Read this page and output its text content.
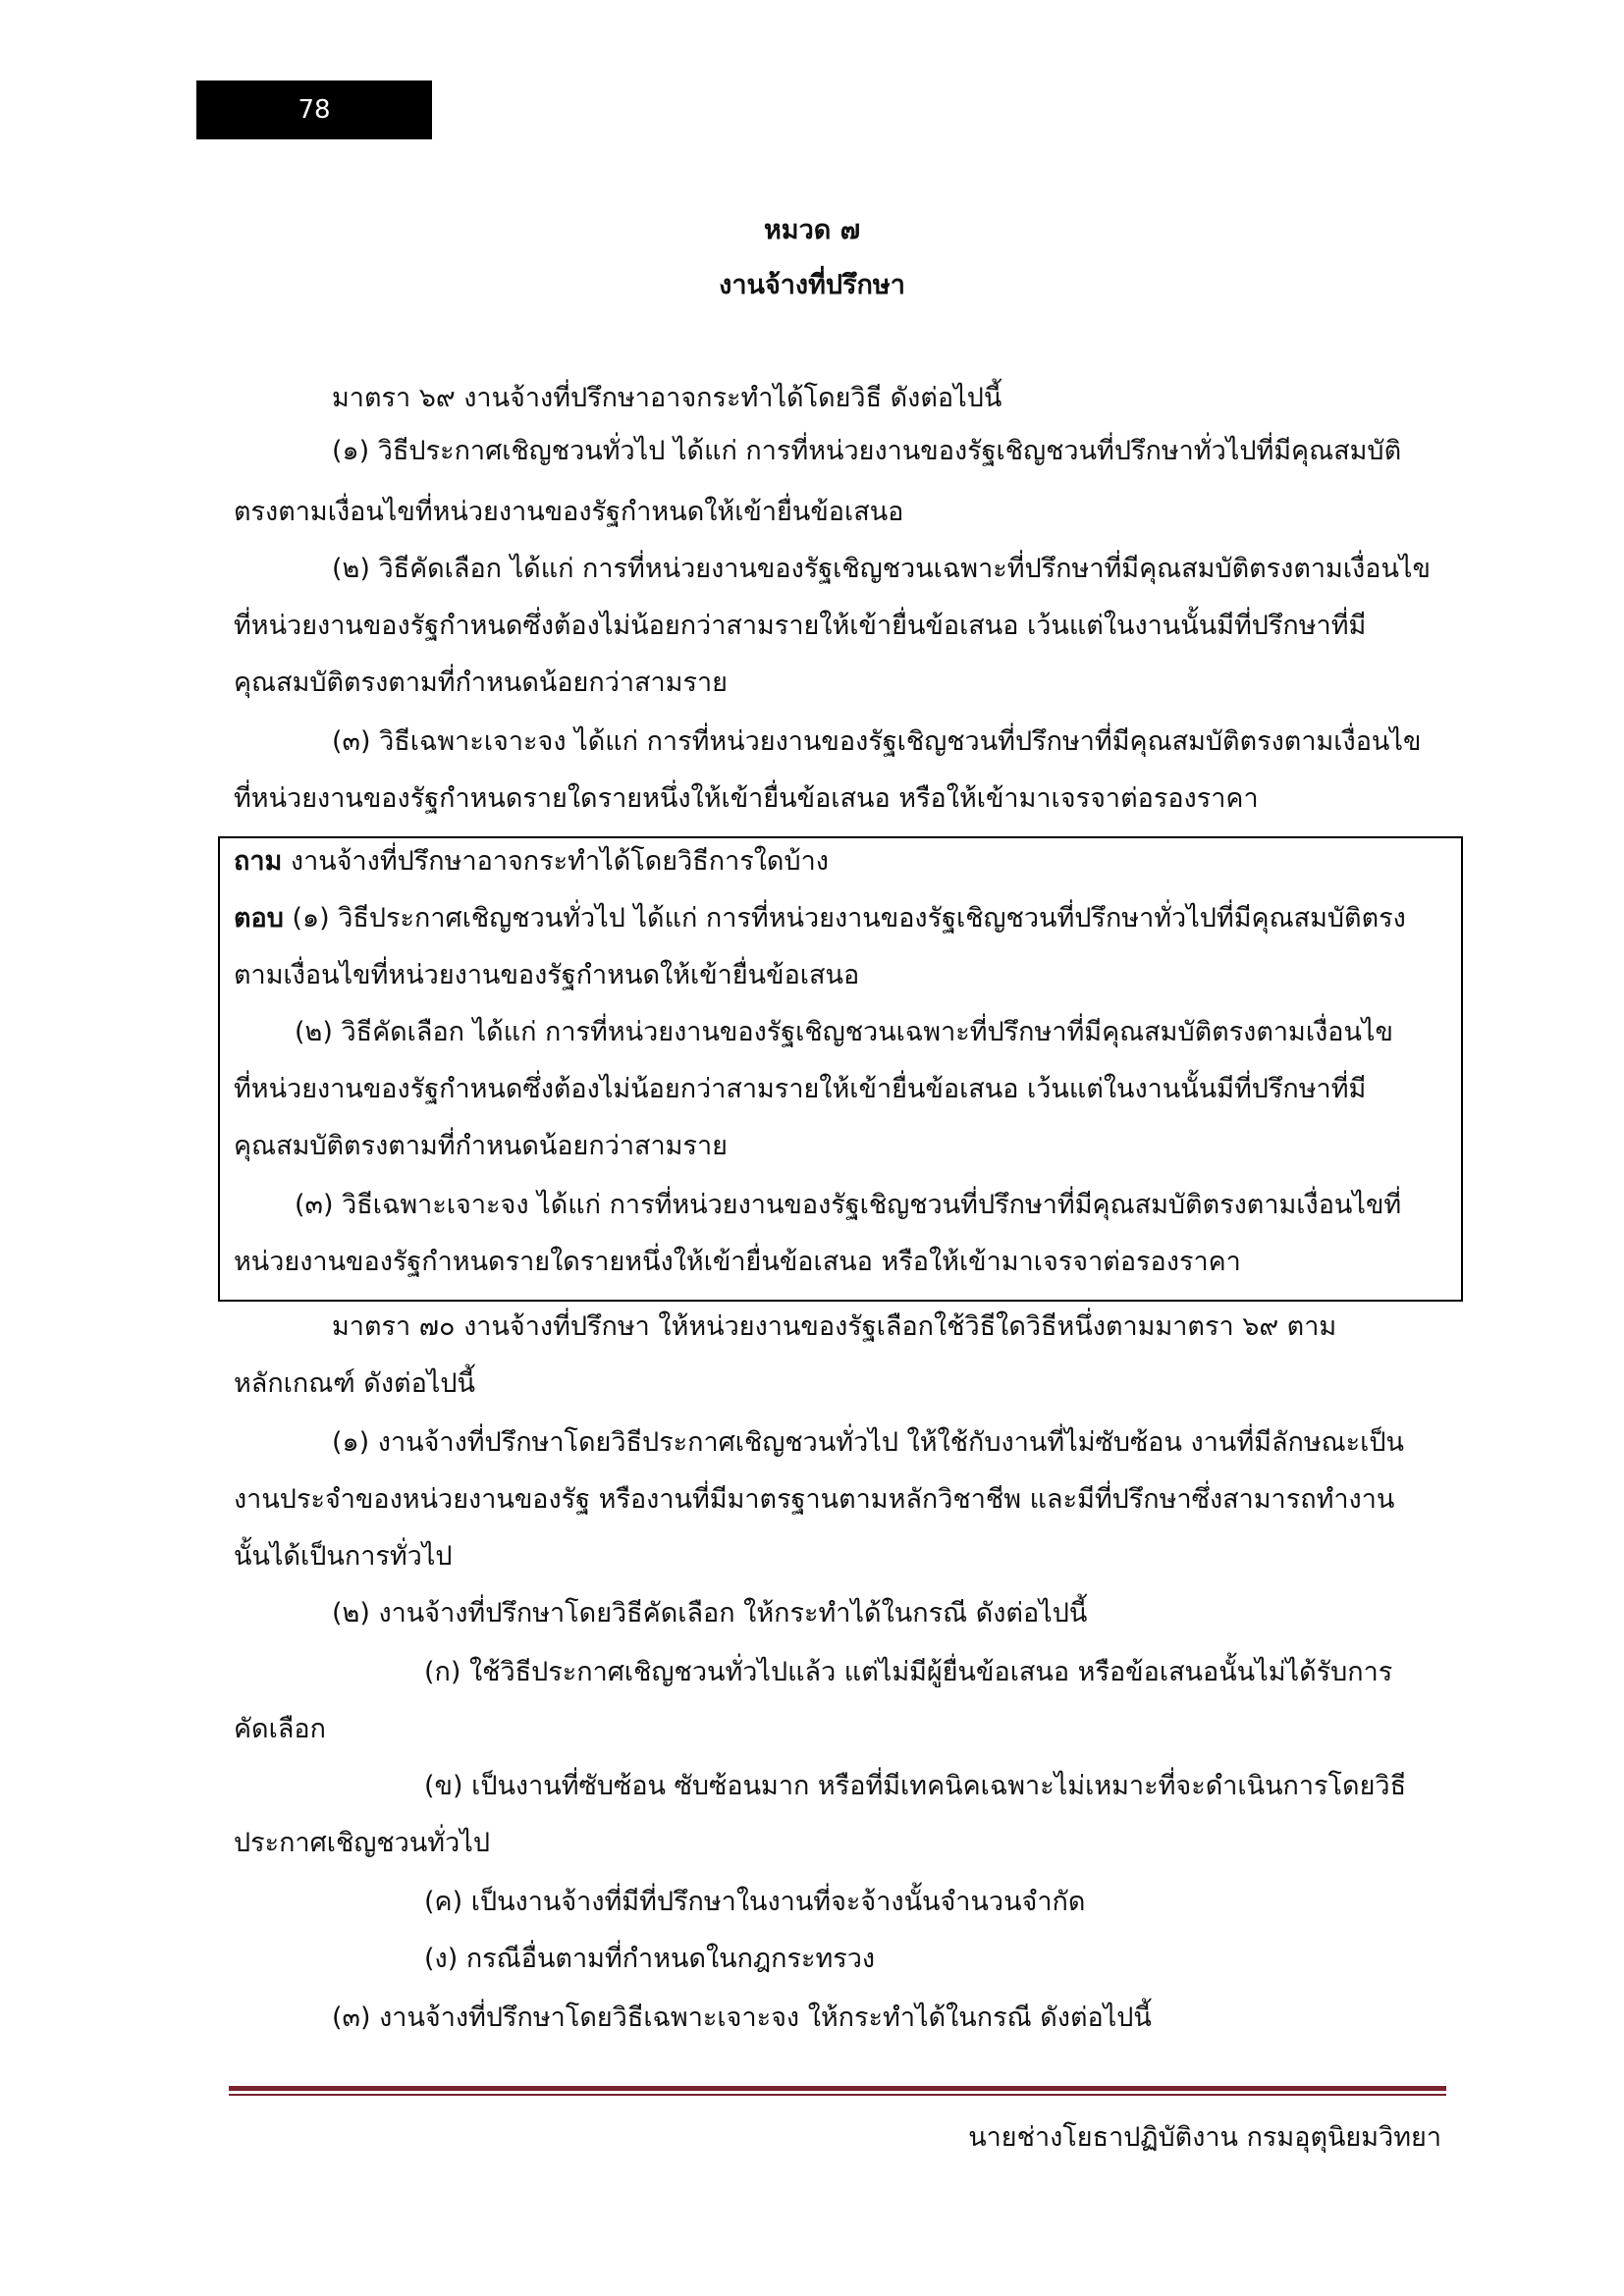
78
หมวด ๗
งานจ้างที่ปรึกษา
มาตรา ๖๙ งานจ้างที่ปรึกษาอาจกระทำได้โดยวิธี ดังต่อไปนี้
(๑) วิธีประกาศเชิญชวนทั่วไป ได้แก่ การที่หน่วยงานของรัฐเชิญชวนที่ปรึกษาทั่วไปที่มีคุณสมบัติ
ตรงตามเงื่อนไขที่หน่วยงานของรัฐกำหนดให้เข้ายื่นข้อเสนอ
(๒) วิธีคัดเลือก ได้แก่ การที่หน่วยงานของรัฐเชิญชวนเฉพาะที่ปรึกษาที่มีคุณสมบัติตรงตามเงื่อนไข
ที่หน่วยงานของรัฐกำหนดซึ่งต้องไม่น้อยกว่าสามรายให้เข้ายื่นข้อเสนอ เว้นแต่ในงานนั้นมีที่ปรึกษาที่มี
คุณสมบัติตรงตามที่กำหนดน้อยกว่าสามราย
(๓) วิธีเฉพาะเจาะจง ได้แก่ การที่หน่วยงานของรัฐเชิญชวนที่ปรึกษาที่มีคุณสมบัติตรงตามเงื่อนไข
ที่หน่วยงานของรัฐกำหนดรายใดรายหนึ่งให้เข้ายื่นข้อเสนอ หรือให้เข้ามาเจรจาต่อรองราคา
ถาม งานจ้างที่ปรึกษาอาจกระทำได้โดยวิธีการใดบ้าง
ตอบ (๑) วิธีประกาศเชิญชวนทั่วไป ได้แก่ การที่หน่วยงานของรัฐเชิญชวนที่ปรึกษาทั่วไปที่มีคุณสมบัติตรง
ตามเงื่อนไขที่หน่วยงานของรัฐกำหนดให้เข้ายื่นข้อเสนอ
(๒) วิธีคัดเลือก ได้แก่ การที่หน่วยงานของรัฐเชิญชวนเฉพาะที่ปรึกษาที่มีคุณสมบัติตรงตามเงื่อนไข
ที่หน่วยงานของรัฐกำหนดซึ่งต้องไม่น้อยกว่าสามรายให้เข้ายื่นข้อเสนอ เว้นแต่ในงานนั้นมีที่ปรึกษาที่มี
คุณสมบัติตรงตามที่กำหนดน้อยกว่าสามราย
(๓) วิธีเฉพาะเจาะจง ได้แก่ การที่หน่วยงานของรัฐเชิญชวนที่ปรึกษาที่มีคุณสมบัติตรงตามเงื่อนไขที่
หน่วยงานของรัฐกำหนดรายใดรายหนึ่งให้เข้ายื่นข้อเสนอ หรือให้เข้ามาเจรจาต่อรองราคา
มาตรา ๗๐ งานจ้างที่ปรึกษา ให้หน่วยงานของรัฐเลือกใช้วิธีใดวิธีหนึ่งตามมาตรา ๖๙ ตาม
หลักเกณฑ์ ดังต่อไปนี้
(๑) งานจ้างที่ปรึกษาโดยวิธีประกาศเชิญชวนทั่วไป ให้ใช้กับงานที่ไม่ซับซ้อน งานที่มีลักษณะเป็น
งานประจำของหน่วยงานของรัฐ หรืองานที่มีมาตรฐานตามหลักวิชาชีพ และมีที่ปรึกษาซึ่งสามารถทำงาน
นั้นได้เป็นการทั่วไป
(๒) งานจ้างที่ปรึกษาโดยวิธีคัดเลือก ให้กระทำได้ในกรณี ดังต่อไปนี้
(ก) ใช้วิธีประกาศเชิญชวนทั่วไปแล้ว แต่ไม่มีผู้ยื่นข้อเสนอ หรือข้อเสนอนั้นไม่ได้รับการ
คัดเลือก
(ข) เป็นงานที่ซับซ้อน ซับซ้อนมาก หรือที่มีเทคนิคเฉพาะไม่เหมาะที่จะดำเนินการโดยวิธี
ประกาศเชิญชวนทั่วไป
(ค) เป็นงานจ้างที่มีที่ปรึกษาในงานที่จะจ้างนั้นจำนวนจำกัด
(ง) กรณีอื่นตามที่กำหนดในกฎกระทรวง
(๓) งานจ้างที่ปรึกษาโดยวิธีเฉพาะเจาะจง ให้กระทำได้ในกรณี ดังต่อไปนี้
นายช่างโยธาปฏิบัติงาน กรมอุตุนิยมวิทยา
